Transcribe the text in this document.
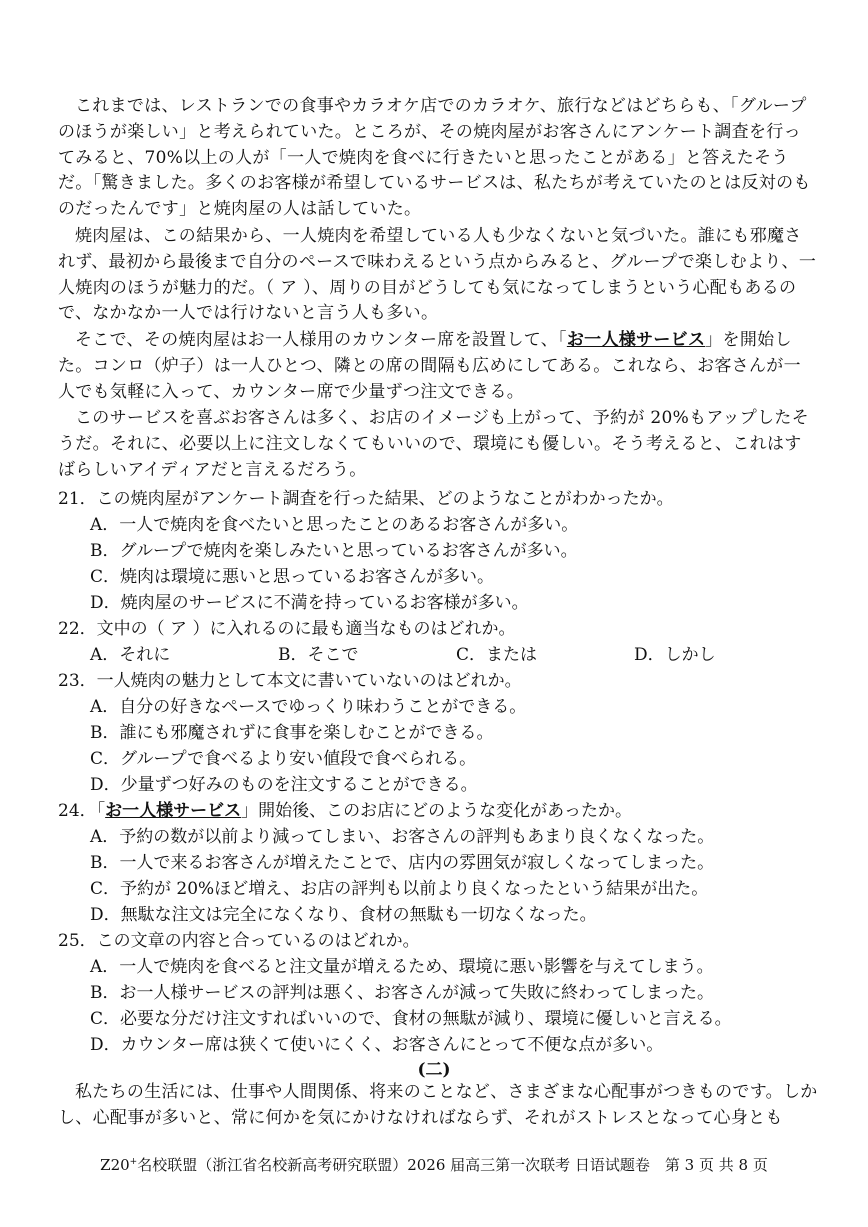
これまでは、レストランでの食事やカラオケ店でのカラオケ、旅行などはどちらも、「グループのほうが楽しい」と考えられていた。ところが、その焼肉屋がお客さんにアンケート調査を行ってみると、70%以上の人が「一人で焼肉を食べに行きたいと思ったことがある」と答えたそうだ。「驚きました。多くのお客様が希望しているサービスは、私たちが考えていたのとは反対のものだったんです」と焼肉屋の人は話していた。

焼肉屋は、この結果から、一人焼肉を希望している人も少なくないと気づいた。誰にも邪魔されず、最初から最後まで自分のペースで味わえるという点からみると、グループで楽しむより、一人焼肉のほうが魅力的だ。（ ア ）、周りの目がどうしても気になってしまうという心配もあるので、なかなか一人では行けないと言う人も多い。

そこで、その焼肉屋はお一人様用のカウンター席を設置して、「お一人様サービス」を開始した。コンロ（炉子）は一人ひとつ、隣との席の間隔も広めにしてある。これなら、お客さんが一人でも気軽に入って、カウンター席で少量ずつ注文できる。

このサービスを喜ぶお客さんは多く、お店のイメージも上がって、予約が 20%もアップしたそうだ。それに、必要以上に注文しなくてもいいので、環境にも優しい。そう考えると、これはすばらしいアイディアだと言えるだろう。

21．この焼肉屋がアンケート調査を行った結果、どのようなことがわかったか。
A．一人で焼肉を食べたいと思ったことのあるお客さんが多い。
B．グループで焼肉を楽しみたいと思っているお客さんが多い。
C．焼肉は環境に悪いと思っているお客さんが多い。
D．焼肉屋のサービスに不満を持っているお客様が多い。
22．文中の（ ア ）に入れるのに最も適当なものはどれか。
A．それに	B．そこで	C．または	D．しかし
23．一人焼肉の魅力として本文に書いていないのはどれか。
A．自分の好きなペースでゆっくり味わうことができる。
B．誰にも邪魔されずに食事を楽しむことができる。
C．グループで食べるより安い値段で食べられる。
D．少量ずつ好みのものを注文することができる。
24．「お一人様サービス」開始後、このお店にどのような変化があったか。
A．予約の数が以前より減ってしまい、お客さんの評判もあまり良くなくなった。
B．一人で来るお客さんが増えたことで、店内の雰囲気が寂しくなってしまった。
C．予約が 20%ほど増え、お店の評判も以前より良くなったという結果が出た。
D．無駄な注文は完全になくなり、食材の無駄も一切なくなった。
25．この文章の内容と合っているのはどれか。
A．一人で焼肉を食べると注文量が増えるため、環境に悪い影響を与えてしまう。
B．お一人様サービスの評判は悪く、お客さんが減って失敗に終わってしまった。
C．必要な分だけ注文すればいいので、食材の無駄が減り、環境に優しいと言える。
D．カウンター席は狭くて使いにくく、お客さんにとって不便な点が多い。
(二)

私たちの生活には、仕事や人間関係、将来のことなど、さまざまな心配事がつきものです。しかし、心配事が多いと、常に何かを気にかけなければならず、それがストレスとなって心身とも

Z20+名校联盟（浙江省名校新高考研究联盟）2026 届高三第一次联考 日语试题卷　第 3 页 共 8 页
